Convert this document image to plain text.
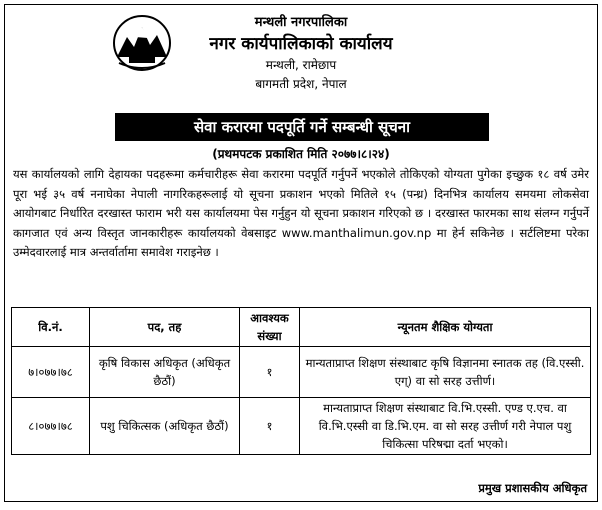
मन्थली नगरपालिका
नगर कार्यपालिकाको कार्यालय
मन्थली, रामेछाप
बागमती प्रदेश, नेपाल
सेवा करारमा पदपूर्ति गर्ने सम्बन्धी सूचना
(प्रथमपटक प्रकाशित मिति २०७७।८।२४)
यस कार्यालयको लागि देहायका पदहरूमा कर्मचारीहरू सेवा करारमा पदपूर्ति गर्नुपर्ने भएकोले तोकिएको योग्यता पुगेका इच्छुक १८ वर्ष उमेर पूरा भई ३५ वर्ष ननाघेका नेपाली नागरिकहरूलाई यो सूचना प्रकाशन भएको मितिले १५ (पन्ध्र) दिनभित्र कार्यालय समयमा लोकसेवा आयोगबाट निर्धारित दरखास्त फाराम भरी यस कार्यालयमा पेस गर्नुहुन यो सूचना प्रकाशन गरिएको छ । दरखास्त फारमका साथ संलग्न गर्नुपर्ने कागजात एवं अन्य विस्तृत जानकारीहरू कार्यालयको वेबसाइट www.manthalimun.gov.np मा हेर्न सकिनेछ । सर्टलिष्टमा परेका उम्मेदवारलाई मात्र अन्तर्वार्तामा समावेश गराइनेछ ।
वि.नं.	पद, तह	आवश्यक संख्या	न्यूनतम शैक्षिक योग्यता
७।०७७।७८	कृषि विकास अधिकृत (अधिकृत छैठौं)	१	मान्यताप्राप्त शिक्षण संस्थाबाट कृषि विज्ञानमा स्नातक तह (वि.एस्सी. एग्) वा सो सरह उत्तीर्ण।
८।०७७।७८	पशु चिकित्सक (अधिकृत छैठौं)	१	मान्यताप्राप्त शिक्षण संस्थाबाट वि.भि.एस्सी. एण्ड ए.एच. वा वि.भि.एस्सी वा डि.भि.एम. वा सो सरह उत्तीर्ण गरी नेपाल पशु चिकित्सा परिषद्मा दर्ता भएको।
प्रमुख प्रशासकीय अधिकृत
